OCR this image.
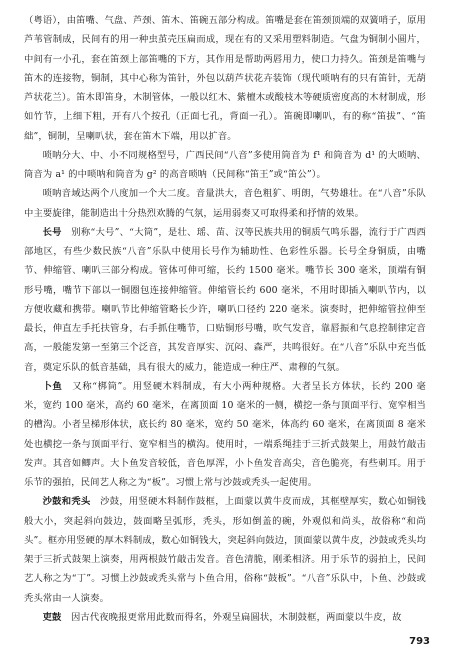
（粤语），由笛嘴、气盘、芦颈、笛木、笛碗五部分构成。笛嘴是套在笛颈顶端的双簧哨子，原用芦苇管制成，民间有的用一种虫茧壳压扁而成，现在有的又采用塑料制造。气盘为铜制小圆片，中间有一小孔，套在笛颈上部笛嘴的下方，其作用是帮助两唇用力，使口力持久。笛颈是笛嘴与笛木的连接物，铜制，其中心称为笛针，外包以葫芦状花卉装饰（现代唢呐有的只有笛针，无葫芦状花兰）。笛木即笛身，木制管体，一般以红木、紫檀木或酸枝木等硬质密度高的木材制成，形如竹节，上细下粗，开有八个按孔（正面七孔，背面一孔）。笛碗即喇叭，有的称“笛拔”、“笛絀”，铜制，呈喇叭状，套在笛木下端，用以扩音。

唢呐分大、中、小不同规格型号，广西民间“八音”多使用筒音为 f¹ 和筒音为 d¹ 的大唢呐、筒音为 a¹ 的中唢呐和筒音为 g² 的高音唢呐（民间称“笛王”或“笛公”）。

唢呐音域达两个八度加一个大二度。音量洪大，音色粗犷、明朗，气势雄壮。在“八音”乐队中主要旋律，能制造出十分热烈欢腾的气氛，运用弱奏又可取得柔和抒情的效果。

长号　 别称“大号”、“大筒”，是壮、瑶、苗、汉等民族共用的铜质气鸣乐器，流行于广西西部地区，有些少数民族“八音”乐队中使用长号作为辅助性、色彩性乐器。长号全身铜质，由嘴节、伸缩管、喇叭三部分构成。管体可伸可缩，长约 1500 毫米。嘴节长 300 毫米，顶端有铜形号嘴，嘴节下部以一铜圈包连接伸缩管。伸缩管长约 600 毫米，不用时即插入喇叭节内，以方便收藏和携带。喇叭节比伸缩管略长少许，喇叭口径约 220 毫米。演奏时，把伸缩管拉伸至最长，伸直左手托扶管身，右手抓住嘴节，口贴铜形号嘴，吹气发音，靠唇振和气息控制律定音高，一般能发第一至第三个泛音，其发音厚实、沉闷、森严，共鸣很好。在“八音”乐队中充当低音，奠定乐队的低音基础，具有很大的威力，能造成一种庄严、肃穆的气氛。

卜鱼　 又称“梆筒”。用竖硬木料制成，有大小两种规格。大者呈长方体状，长约 200 毫米，宽约 100 毫米，高约 60 毫米，在离顶面 10 毫米的一侧，横挖一条与顶面平行、宽窄相当的槽沟。小者呈梯形体状，底长约 80 毫米，宽约 50 毫米，体高约 60 毫米，在离顶面 8 毫米处也横挖一条与顶面平行、宽窄相当的横沟。使用时，一端系绳挂于三折式鼓架上，用鼓竹敲击发声。其音如鲫声。大卜鱼发音较低，音色厚浑，小卜鱼发音高尖，音色脆亮，有些刺耳。用于乐节的强拍，民间艺人称之为“板”。习惯上常与沙鼓或秃头一起使用。

沙鼓和秃头　 沙鼓，用竖硬木料制作鼓框，上面蒙以黄牛皮而成，其框壁厚实，数心如铜钱般大小，突起斜向鼓边，鼓面略呈弧形，秃头，形如倒盖的碗，外观似和尚头，故俗称“和尚头”。框亦用竖硬的厚木料制成，数心如铜钱大，突起斜向鼓边，顶面蒙以黄牛皮，沙鼓或秃头均架于三折式鼓架上演奏，用两根鼓竹敲击发音。音色清脆，刚柔相济。用于乐节的弱拍上，民间艺人称之为“丁”。习惯上沙鼓或秃头常与卜鱼合用，俗称“鼓板”。“八音”乐队中，卜鱼、沙鼓或秃头常由一人演奏。

吏鼓　 因古代夜晚报更常用此数而得名，外观呈扁圆状，木制鼓框，两面蒙以牛皮，故

793
